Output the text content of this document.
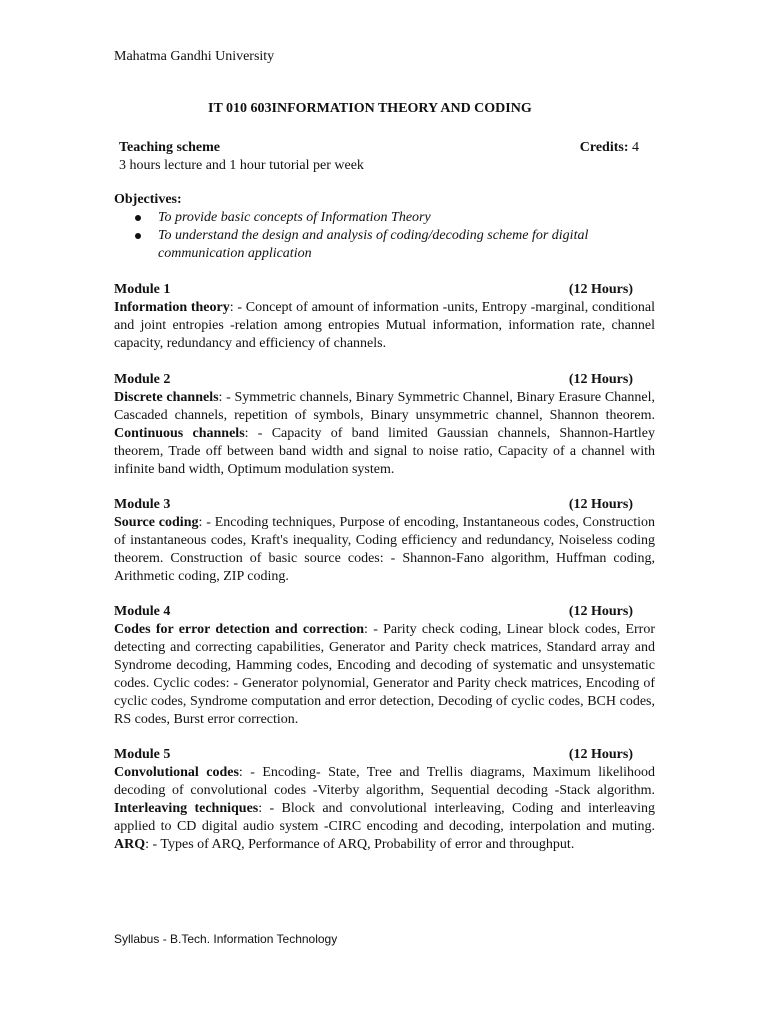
Mahatma Gandhi University
IT 010 603INFORMATION THEORY AND CODING
Teaching scheme	Credits: 4
3 hours lecture and 1 hour tutorial per week
Objectives:
To provide basic concepts of Information Theory
To understand the design and analysis of coding/decoding scheme for digital communication application
Module 1	(12 Hours)
Information theory: - Concept of amount of information -units, Entropy -marginal, conditional and joint entropies -relation among entropies Mutual information, information rate, channel capacity, redundancy and efficiency of channels.
Module 2	(12 Hours)
Discrete channels: - Symmetric channels, Binary Symmetric Channel, Binary Erasure Channel, Cascaded channels, repetition of symbols, Binary unsymmetric channel, Shannon theorem. Continuous channels: - Capacity of band limited Gaussian channels, Shannon-Hartley theorem, Trade off between band width and signal to noise ratio, Capacity of a channel with infinite band width, Optimum modulation system.
Module 3	(12 Hours)
Source coding: - Encoding techniques, Purpose of encoding, Instantaneous codes, Construction of instantaneous codes, Kraft's inequality, Coding efficiency and redundancy, Noiseless coding theorem. Construction of basic source codes: - Shannon-Fano algorithm, Huffman coding, Arithmetic coding, ZIP coding.
Module 4	(12 Hours)
Codes for error detection and correction: - Parity check coding, Linear block codes, Error detecting and correcting capabilities, Generator and Parity check matrices, Standard array and Syndrome decoding, Hamming codes, Encoding and decoding of systematic and unsystematic codes. Cyclic codes: - Generator polynomial, Generator and Parity check matrices, Encoding of cyclic codes, Syndrome computation and error detection, Decoding of cyclic codes, BCH codes, RS codes, Burst error correction.
Module 5	(12 Hours)
Convolutional codes: - Encoding- State, Tree and Trellis diagrams, Maximum likelihood decoding of convolutional codes -Viterby algorithm, Sequential decoding -Stack algorithm. Interleaving techniques: - Block and convolutional interleaving, Coding and interleaving applied to CD digital audio system -CIRC encoding and decoding, interpolation and muting. ARQ: - Types of ARQ, Performance of ARQ, Probability of error and throughput.
Syllabus - B.Tech. Information Technology
